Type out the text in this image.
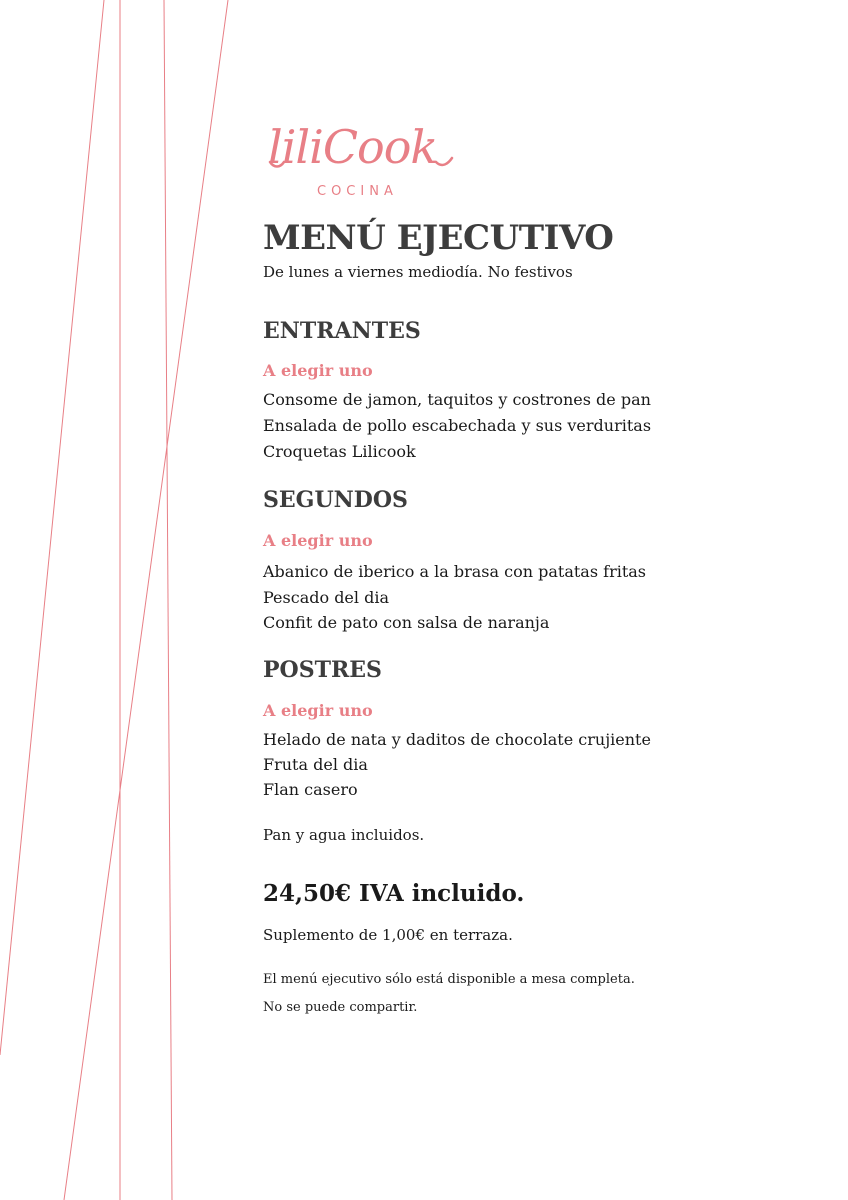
liliCook
COCINA
MENÚ EJECUTIVO
De lunes a viernes mediodía. No festivos
ENTRANTES
A elegir uno
Consome de jamon, taquitos y costrones de pan
Ensalada de pollo escabechada y sus verduritas
Croquetas Lilicook
SEGUNDOS
A elegir uno
Abanico de iberico a la brasa con patatas fritas
Pescado del dia
Confit de pato con salsa de naranja
POSTRES
A elegir uno
Helado de nata y daditos de chocolate crujiente
Fruta del dia
Flan casero
Pan y agua incluidos.
24,50€ IVA incluido.
Suplemento de 1,00€ en terraza.
El menú ejecutivo sólo está disponible a mesa completa.
No se puede compartir.
